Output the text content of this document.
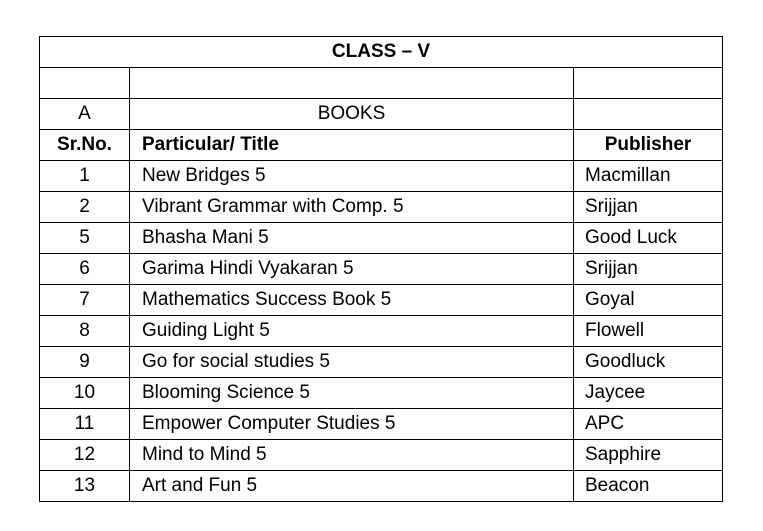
CLASS – V		

A	BOOKS	
Sr.No.	Particular/ Title	Publisher
1	New Bridges 5	Macmillan
2	Vibrant Grammar with Comp. 5	Srijjan
5	Bhasha Mani 5	Good Luck
6	Garima Hindi Vyakaran 5	Srijjan
7	Mathematics Success Book 5	Goyal
8	Guiding Light 5	Flowell
9	Go for social studies 5	Goodluck
10	Blooming Science 5	Jaycee
11	Empower Computer Studies 5	APC
12	Mind to Mind 5	Sapphire
13	Art and Fun 5	Beacon
